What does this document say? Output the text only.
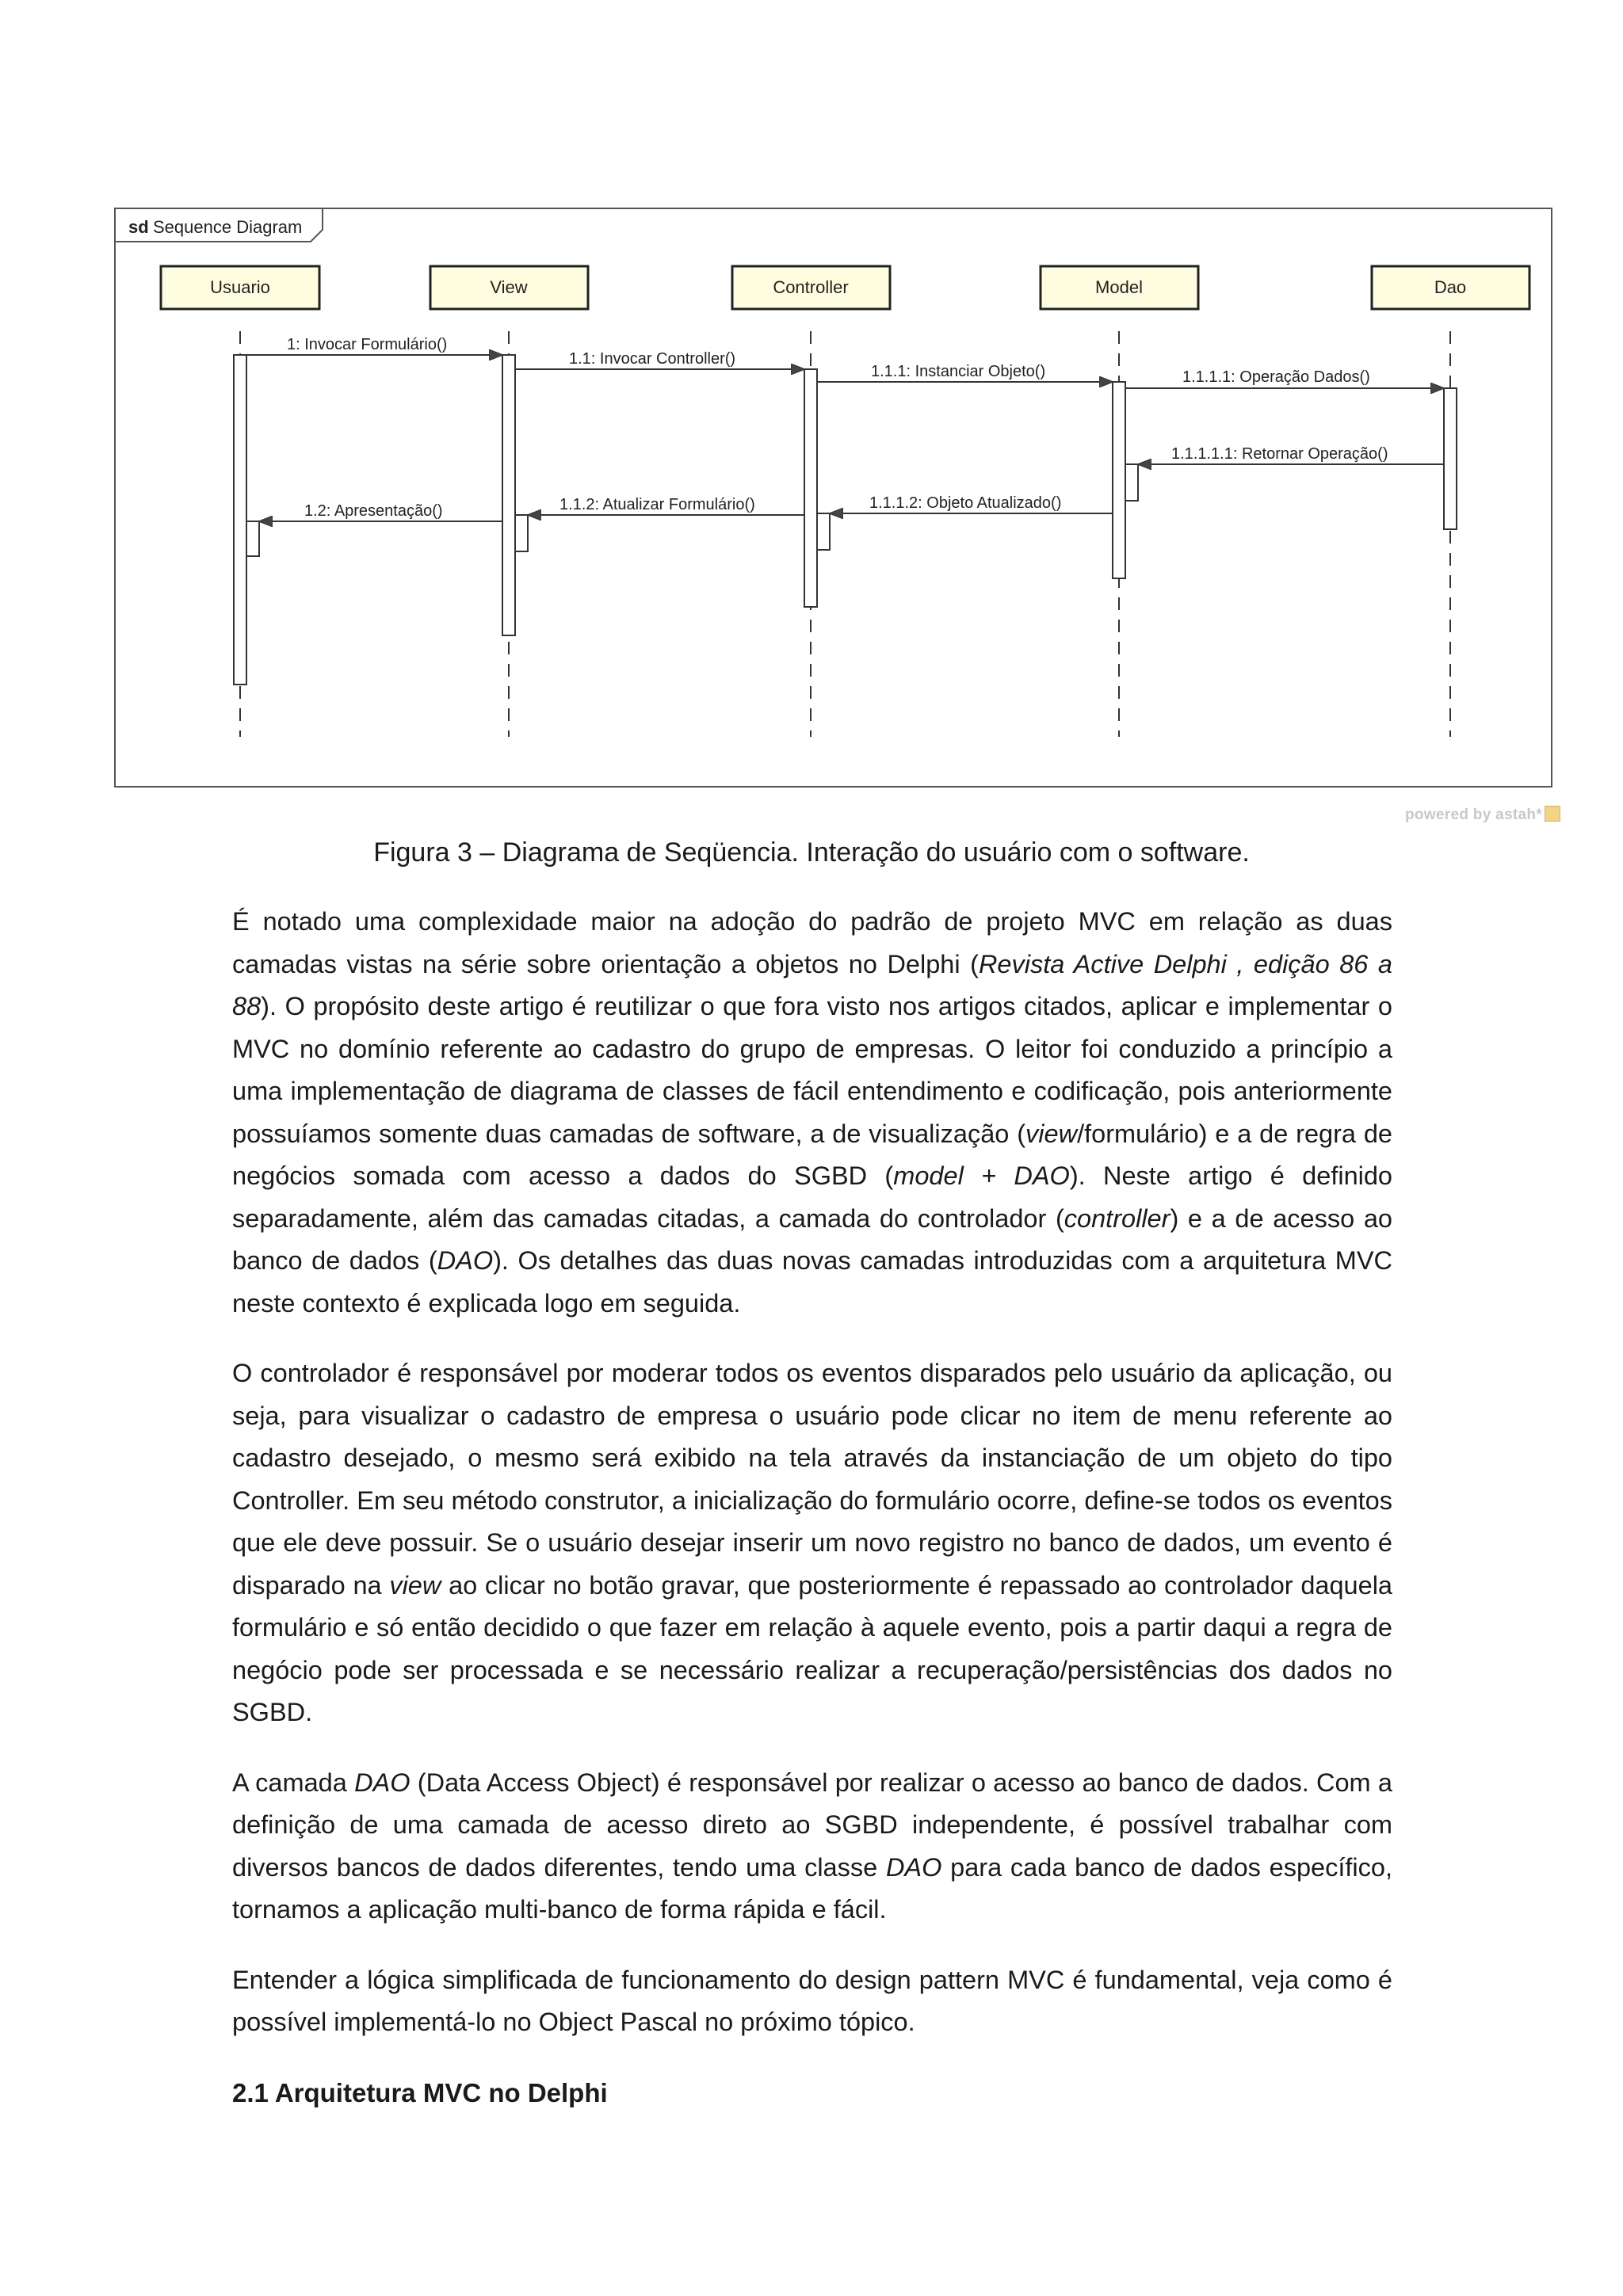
sd Sequence Diagram
Usuario	View	Controller	Model	Dao
1: Invocar Formulário()
1.1: Invocar Controller()
1.1.1: Instanciar Objeto()	1.1.1.1: Operação Dados()
1.1.1.1.1: Retornar Operação()
1.1.1.2: Objeto Atualizado()
1.1.2: Atualizar Formulário()
1.2: Apresentação()
powered by astah*
Figura 3 – Diagrama de Seqüencia. Interação do usuário com o software.

É notado uma complexidade maior na adoção do padrão de projeto MVC em relação as duas camadas vistas na série sobre orientação a objetos no Delphi (Revista Active Delphi , edição 86 a 88). O propósito deste artigo é reutilizar o que fora visto nos artigos citados, aplicar e implementar o MVC no domínio referente ao cadastro do grupo de empresas. O leitor foi conduzido a princípio a uma implementação de diagrama de classes de fácil entendimento e codificação, pois anteriormente possuíamos somente duas camadas de software, a de visualização (view/formulário) e a de regra de negócios somada com acesso a dados do SGBD (model + DAO). Neste artigo é definido separadamente, além das camadas citadas, a camada do controlador (controller) e a de acesso ao banco de dados (DAO). Os detalhes das duas novas camadas introduzidas com a arquitetura MVC neste contexto é explicada logo em seguida.

O controlador é responsável por moderar todos os eventos disparados pelo usuário da aplicação, ou seja, para visualizar o cadastro de empresa o usuário pode clicar no item de menu referente ao cadastro desejado, o mesmo será exibido na tela através da instanciação de um objeto do tipo Controller. Em seu método construtor, a inicialização do formulário ocorre, define-se todos os eventos que ele deve possuir. Se o usuário desejar inserir um novo registro no banco de dados, um evento é disparado na view ao clicar no botão gravar, que posteriormente é repassado ao controlador daquela formulário e só então decidido o que fazer em relação à aquele evento, pois a partir daqui a regra de negócio pode ser processada e se necessário realizar a recuperação/persistências dos dados no SGBD.

A camada DAO (Data Access Object) é responsável por realizar o acesso ao banco de dados. Com a definição de uma camada de acesso direto ao SGBD independente, é possível trabalhar com diversos bancos de dados diferentes, tendo uma classe DAO para cada banco de dados específico, tornamos a aplicação multi-banco de forma rápida e fácil.

Entender a lógica simplificada de funcionamento do design pattern MVC é fundamental, veja como é possível implementá-lo no Object Pascal no próximo tópico.

2.1 Arquitetura MVC no Delphi
